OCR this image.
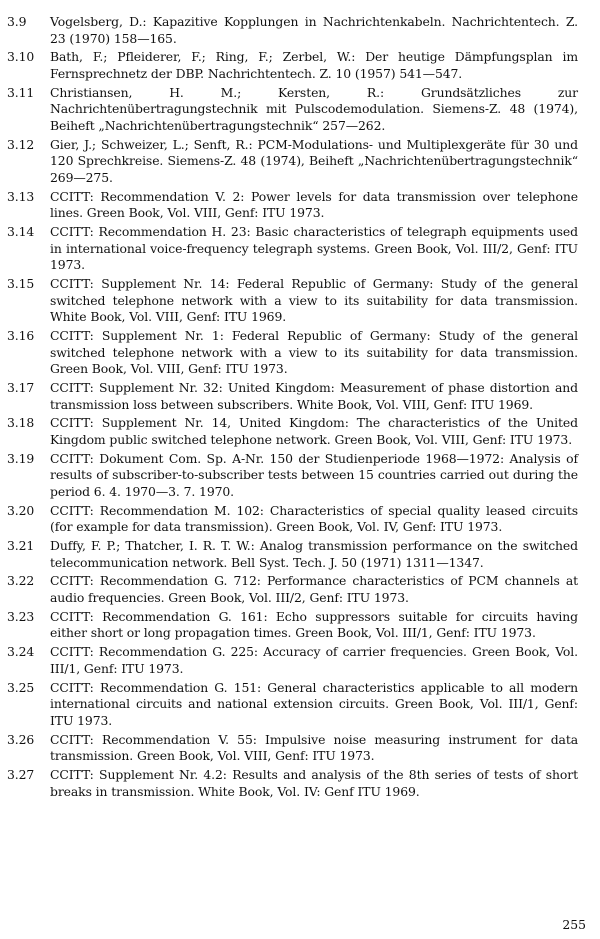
3.9	Vogelsberg, D.: Kapazitive Kopplungen in Nachrichtenkabeln. Nachrichtentech. Z. 23 (1970) 158—165.
3.10	Bath, F.; Pfleiderer, F.; Ring, F.; Zerbel, W.: Der heutige Dämpfungsplan im Fernsprechnetz der DBP. Nachrichtentech. Z. 10 (1957) 541—547.
3.11	Christiansen, H. M.; Kersten, R.: Grundsätzliches zur Nachrichtenübertragungstechnik mit Pulscodemodulation. Siemens-Z. 48 (1974), Beiheft „Nachrichtenübertragungstechnik“ 257—262.
3.12	Gier, J.; Schweizer, L.; Senft, R.: PCM-Modulations- und Multiplexgeräte für 30 und 120 Sprechkreise. Siemens-Z. 48 (1974), Beiheft „Nachrichtenübertragungstechnik“ 269—275.
3.13	CCITT: Recommendation V. 2: Power levels for data transmission over telephone lines. Green Book, Vol. VIII, Genf: ITU 1973.
3.14	CCITT: Recommendation H. 23: Basic characteristics of telegraph equipments used in international voice-frequency telegraph systems. Green Book, Vol. III/2, Genf: ITU 1973.
3.15	CCITT: Supplement Nr. 14: Federal Republic of Germany: Study of the general switched telephone network with a view to its suitability for data transmission. White Book, Vol. VIII, Genf: ITU 1969.
3.16	CCITT: Supplement Nr. 1: Federal Republic of Germany: Study of the general switched telephone network with a view to its suitability for data transmission. Green Book, Vol. VIII, Genf: ITU 1973.
3.17	CCITT: Supplement Nr. 32: United Kingdom: Measurement of phase distortion and transmission loss between subscribers. White Book, Vol. VIII, Genf: ITU 1969.
3.18	CCITT: Supplement Nr. 14, United Kingdom: The characteristics of the United Kingdom public switched telephone network. Green Book, Vol. VIII, Genf: ITU 1973.
3.19	CCITT: Dokument Com. Sp. A-Nr. 150 der Studienperiode 1968—1972: Analysis of results of subscriber-to-subscriber tests between 15 countries carried out during the period 6. 4. 1970—3. 7. 1970.
3.20	CCITT: Recommendation M. 102: Characteristics of special quality leased circuits (for example for data transmission). Green Book, Vol. IV, Genf: ITU 1973.
3.21	Duffy, F. P.; Thatcher, I. R. T. W.: Analog transmission performance on the switched telecommunication network. Bell Syst. Tech. J. 50 (1971) 1311—1347.
3.22	CCITT: Recommendation G. 712: Performance characteristics of PCM channels at audio frequencies. Green Book, Vol. III/2, Genf: ITU 1973.
3.23	CCITT: Recommendation G. 161: Echo suppressors suitable for circuits having either short or long propagation times. Green Book, Vol. III/1, Genf: ITU 1973.
3.24	CCITT: Recommendation G. 225: Accuracy of carrier frequencies. Green Book, Vol. III/1, Genf: ITU 1973.
3.25	CCITT: Recommendation G. 151: General characteristics applicable to all modern international circuits and national extension circuits. Green Book, Vol. III/1, Genf: ITU 1973.
3.26	CCITT: Recommendation V. 55: Impulsive noise measuring instrument for data transmission. Green Book, Vol. VIII, Genf: ITU 1973.
3.27	CCITT: Supplement Nr. 4.2: Results and analysis of the 8th series of tests of short breaks in transmission. White Book, Vol. IV: Genf ITU 1969.
255
